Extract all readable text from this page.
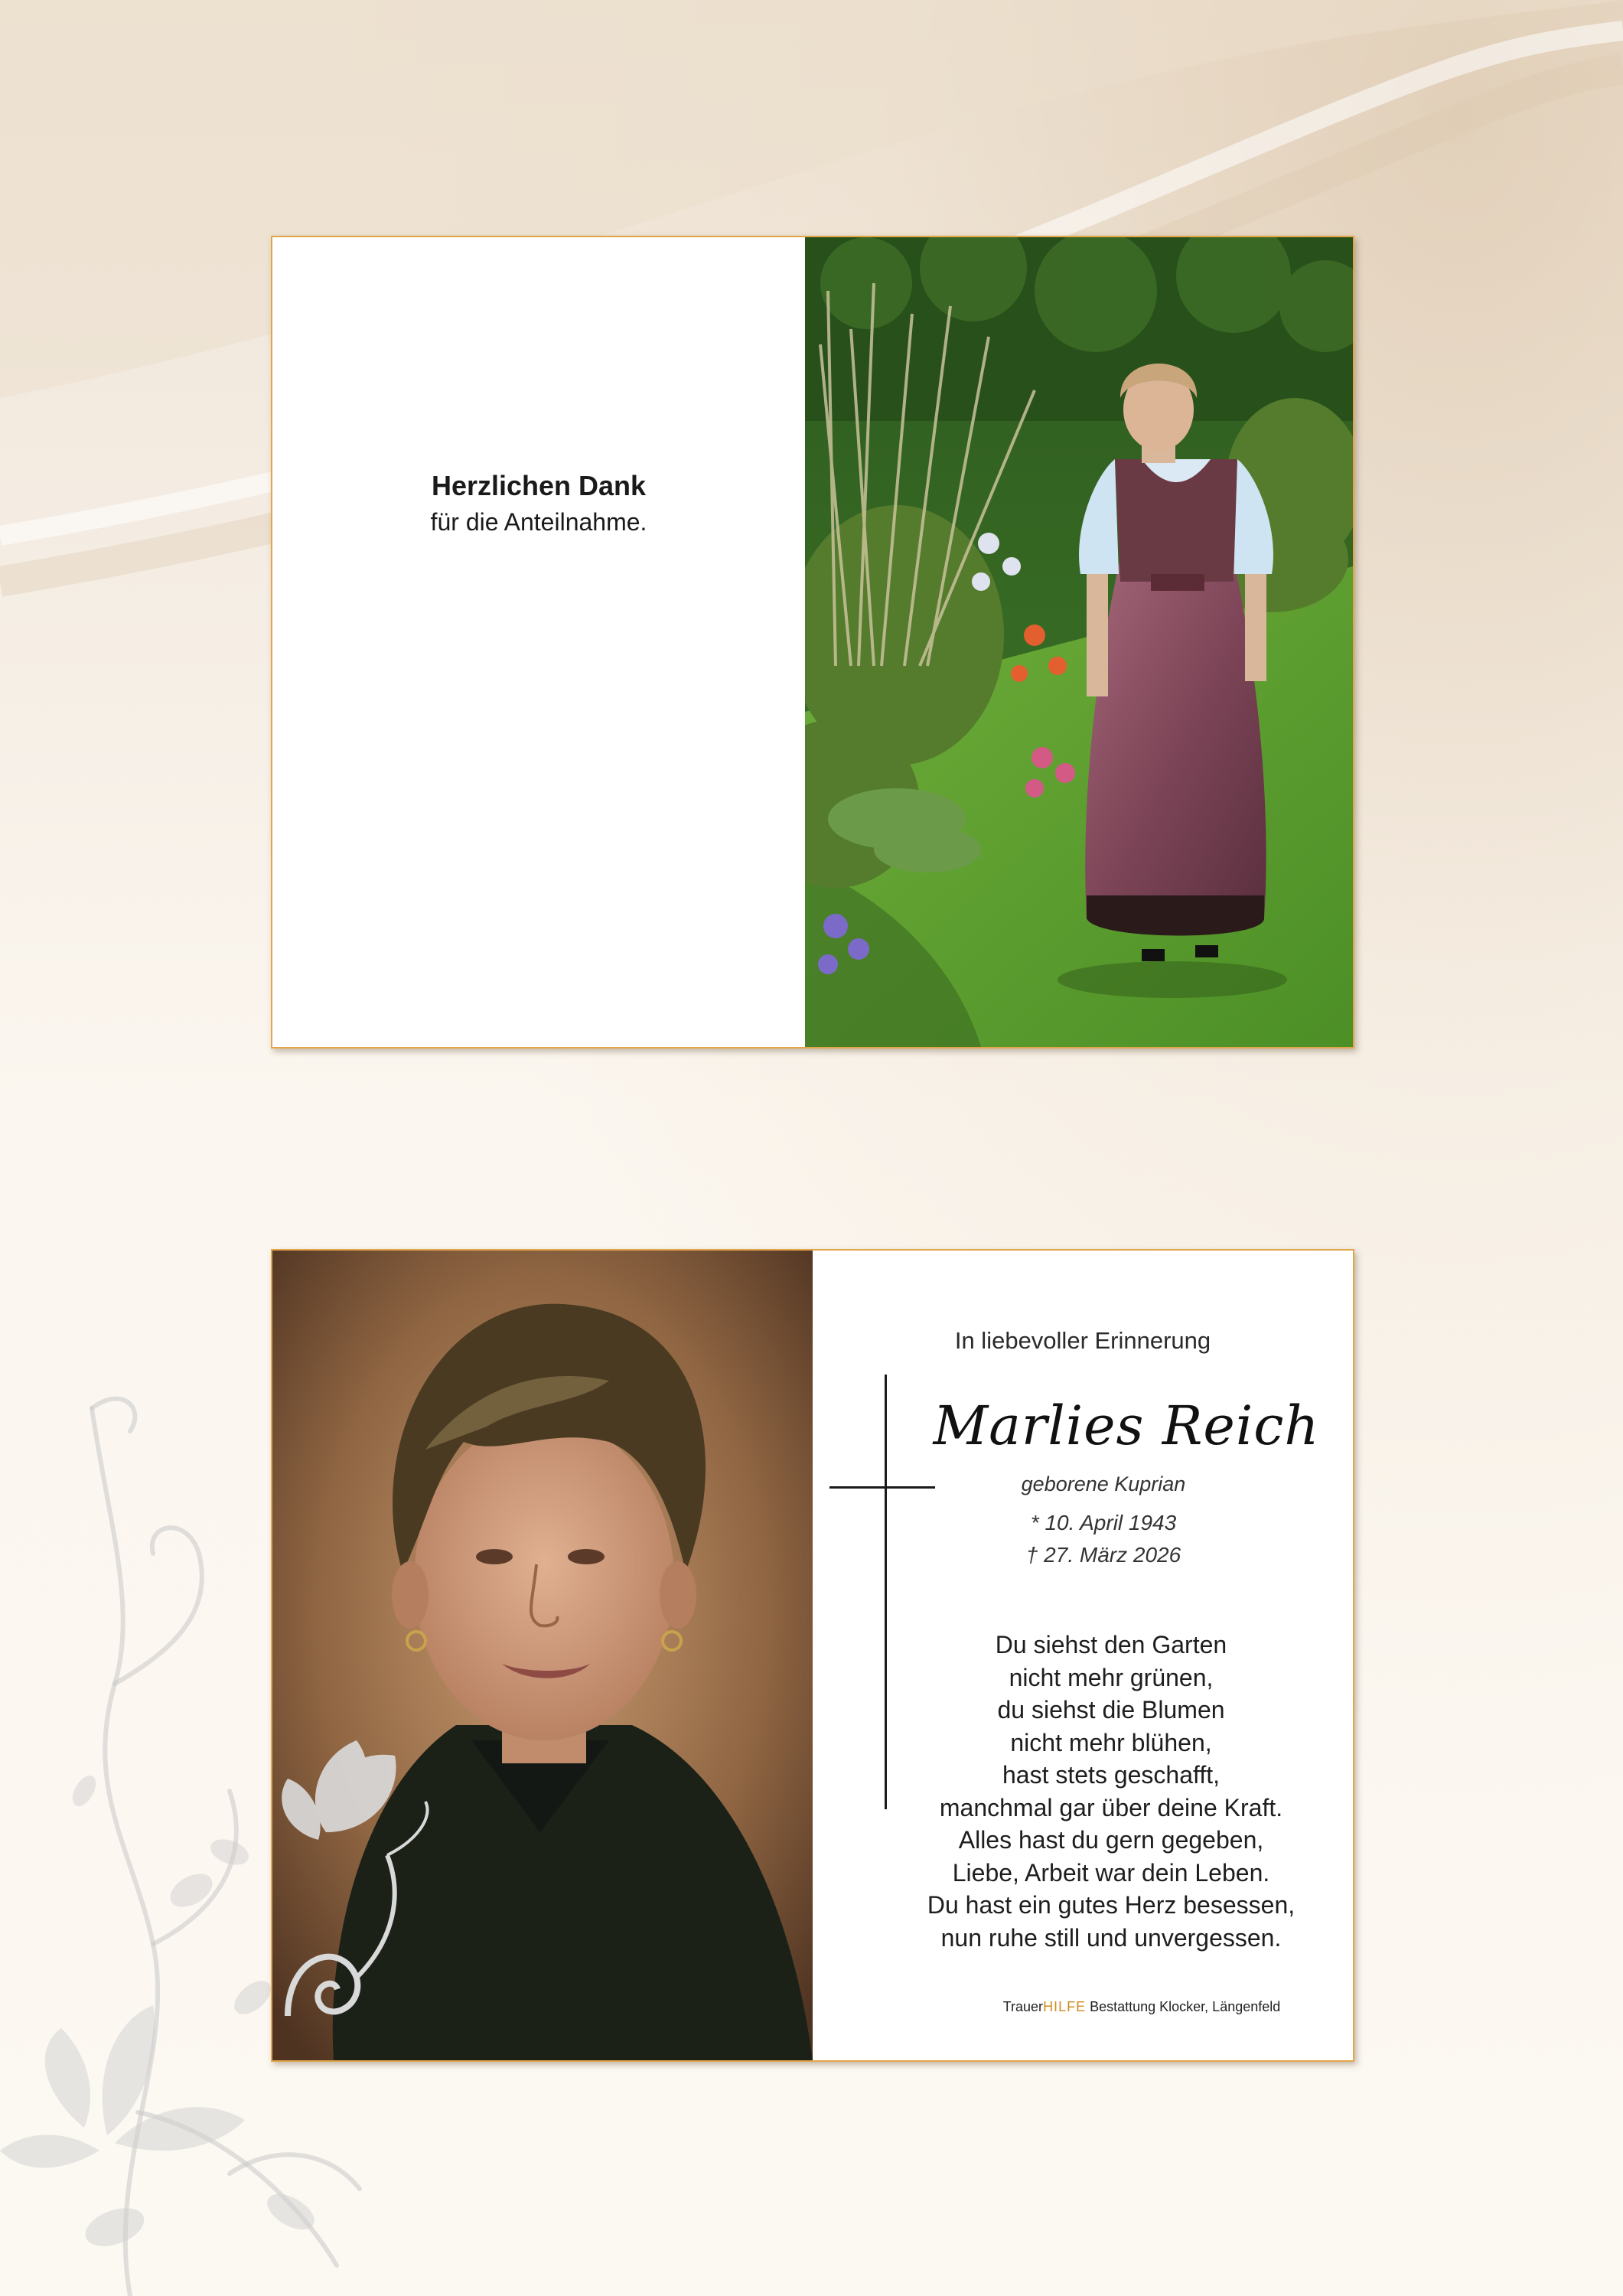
Herzlichen Dank
für die Anteilnahme.
In liebevoller Erinnerung
Marlies Reich
geborene Kuprian
* 10. April 1943
† 27. März 2026
Du siehst den Garten
nicht mehr grünen,
du siehst die Blumen
nicht mehr blühen,
hast stets geschafft,
manchmal gar über deine Kraft.
Alles hast du gern gegeben,
Liebe, Arbeit war dein Leben.
Du hast ein gutes Herz besessen,
nun ruhe still und unvergessen.
TrauerHILFE Bestattung Klocker, Längenfeld
